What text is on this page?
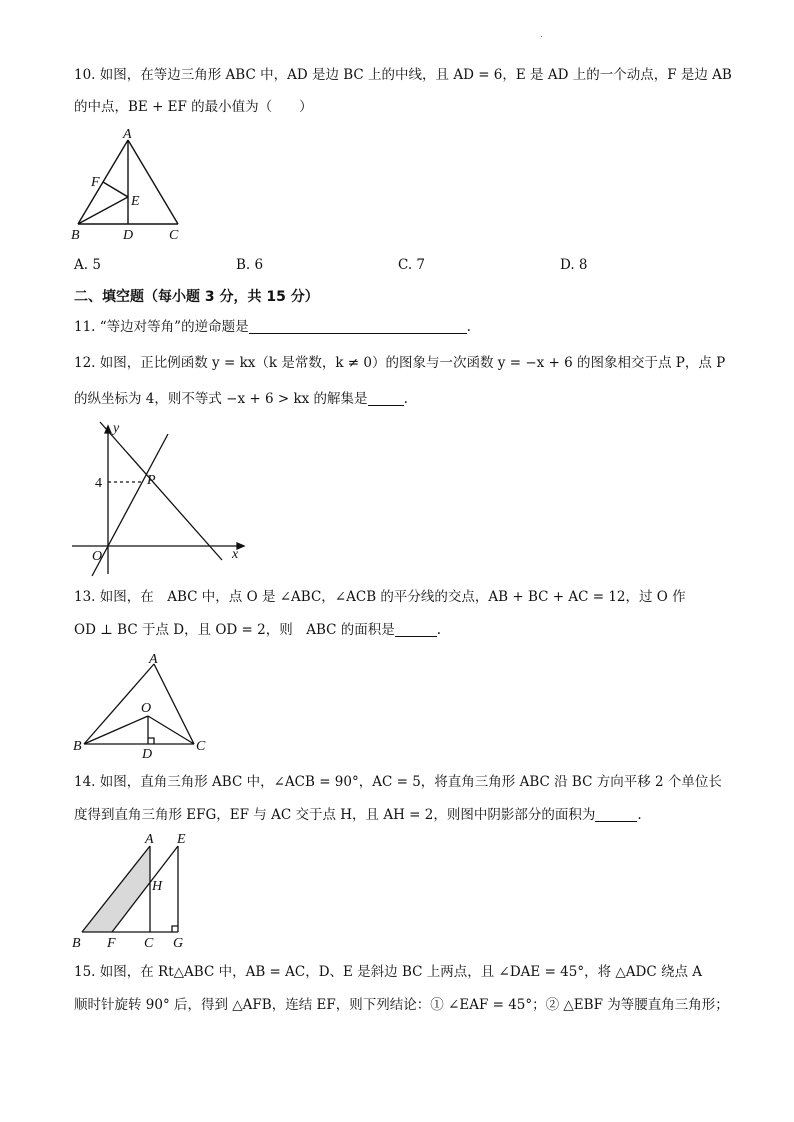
.
10. 如图，在等边三角形 ABC 中，AD 是边 BC 上的中线，且 AD = 6，E 是 AD 上的一个动点，F 是边 AB
的中点，BE + EF 的最小值为（　　）
A
F
E
B	D	C
A. 5	B. 6	C. 7	D. 8
二、填空题（每小题 3 分，共 15 分）
11. “等边对等角”的逆命题是	.
12. 如图，正比例函数 y = kx（k 是常数，k ≠ 0）的图象与一次函数 y = −x + 6 的图象相交于点 P，点 P
的纵坐标为 4，则不等式 −x + 6 > kx 的解集是	.
y
x
O
P
4
13. 如图，在　ABC 中，点 O 是 ∠ABC，∠ACB 的平分线的交点，AB + BC + AC = 12，过 O 作
OD ⊥ BC 于点 D，且 OD = 2，则　ABC 的面积是	.
A
O
B	C
D
14. 如图，直角三角形 ABC 中，∠ACB = 90°，AC = 5，将直角三角形 ABC 沿 BC 方向平移 2 个单位长
度得到直角三角形 EFG，EF 与 AC 交于点 H，且 AH = 2，则图中阴影部分的面积为	.
A E
H
B F C G
15. 如图，在 Rt△ABC 中，AB = AC，D、E 是斜边 BC 上两点，且 ∠DAE = 45°，将 △ADC 绕点 A
顺时针旋转 90° 后，得到 △AFB，连结 EF，则下列结论：① ∠EAF = 45°；② △EBF 为等腰直角三角形；
